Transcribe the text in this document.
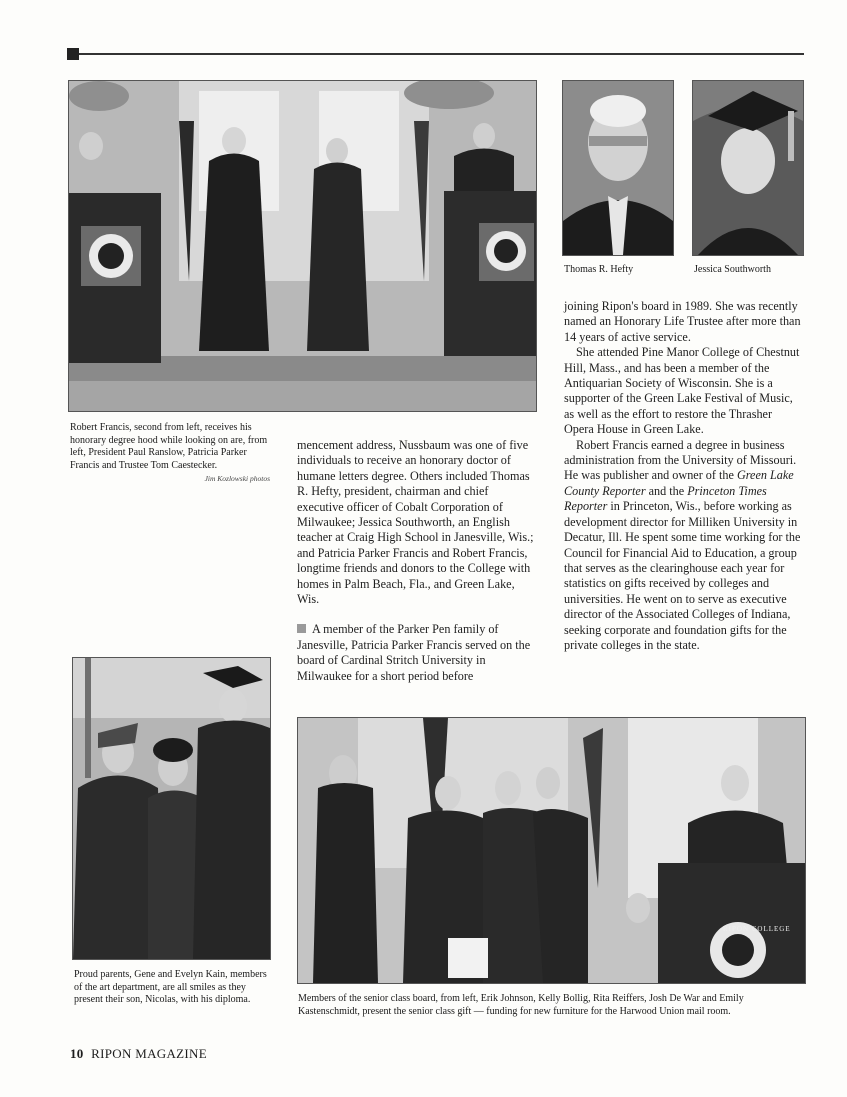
Robert Francis, second from left, receives his honorary degree hood while looking on are, from left, President Paul Ranslow, Patricia Parker Francis and Trustee Tom Caestecker.
Jim Kozlowski photos
Thomas R. Hefty	Jessica Southworth

mencement address, Nussbaum was one of five individuals to receive an honorary doctor of humane letters degree. Others included Thomas R. Hefty, president, chairman and chief executive officer of Cobalt Corporation of Milwaukee; Jessica Southworth, an English teacher at Craig High School in Janesville, Wis.; and Patricia Parker Francis and Robert Francis, longtime friends and donors to the College with homes in Palm Beach, Fla., and Green Lake, Wis.

A member of the Parker Pen family of Janesville, Patricia Parker Francis served on the board of Cardinal Stritch University in Milwaukee for a short period before

joining Ripon's board in 1989. She was recently named an Honorary Life Trustee after more than 14 years of active service.

She attended Pine Manor College of Chestnut Hill, Mass., and has been a member of the Antiquarian Society of Wisconsin. She is a supporter of the Green Lake Festival of Music, as well as the effort to restore the Thrasher Opera House in Green Lake.

Robert Francis earned a degree in business administration from the University of Missouri. He was publisher and owner of the Green Lake County Reporter and the Princeton Times Reporter in Princeton, Wis., before working as development director for Milliken University in Decatur, Ill. He spent some time working for the Council for Financial Aid to Education, a group that serves as the clearinghouse each year for statistics on gifts received by colleges and universities. He went on to serve as executive director of the Associated Colleges of Indiana, seeking corporate and foundation gifts for the private colleges in the state.

Proud parents, Gene and Evelyn Kain, members of the art department, are all smiles as they present their son, Nicolas, with his diploma.
RIPON COLLEGE
Members of the senior class board, from left, Erik Johnson, Kelly Bollig, Rita Reiffers, Josh De War and Emily Kastenschmidt, present the senior class gift — funding for new furniture for the Harwood Union mail room.
10 RIPON MAGAZINE
